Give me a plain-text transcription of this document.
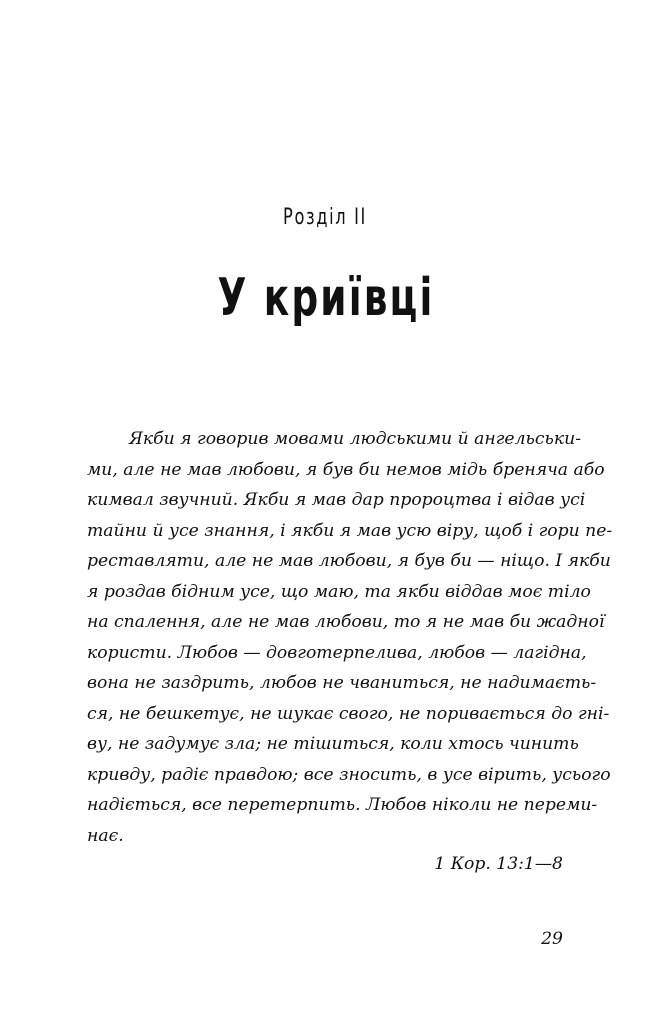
Розділ II
У криївці
Якби я говорив мовами людськими й ангельськи-
ми, але не мав любови, я був би немов мідь бреняча або
кимвал звучний. Якби я мав дар пророцтва і відав усі
тайни й усе знання, і якби я мав усю віру, щоб і гори пе-
реставляти, але не мав любови, я був би — ніщо. І якби
я роздав бідним усе, що маю, та якби віддав моє тіло
на спалення, але не мав любови, то я не мав би жадної
користи. Любов — довготерпелива, любов — лагідна,
вона не заздрить, любов не чваниться, не надимаєть-
ся, не бешкетує, не шукає свого, не поривається до гні-
ву, не задумує зла; не тішиться, коли хтось чинить
кривду, радіє правдою; все зносить, в усе вірить, усього
надіється, все перетерпить. Любов ніколи не переми-
нає.
1 Кор. 13:1—8
29
